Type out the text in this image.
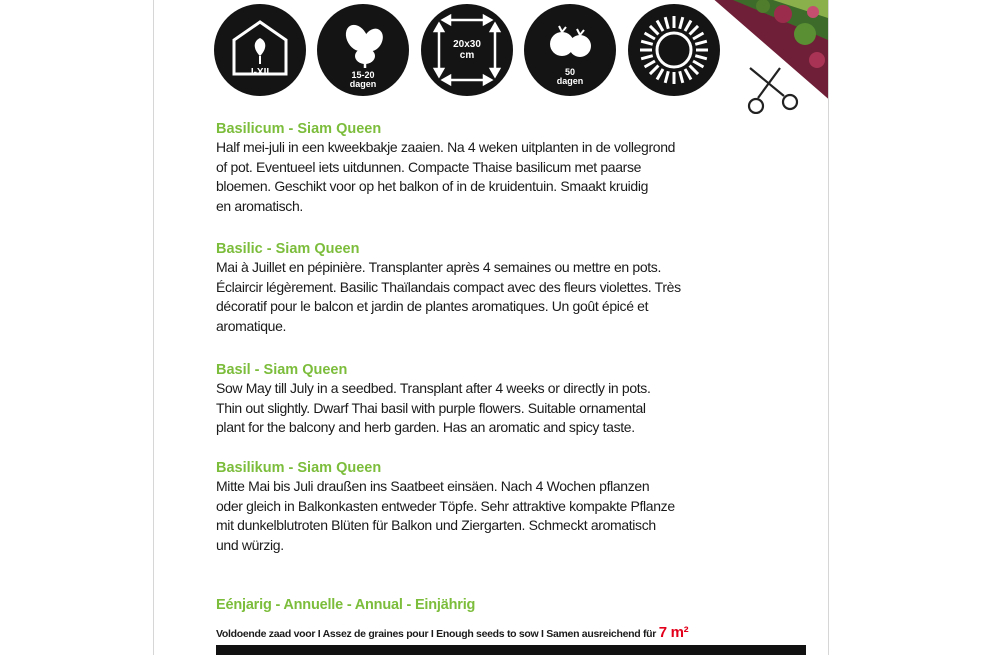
I-XII	15-20
dagen
20x30
cm
50
dagen
Basilicum - Siam Queen
Half mei-juli in een kweekbakje zaaien. Na 4 weken uitplanten in de vollegrond
of pot. Eventueel iets uitdunnen. Compacte Thaise basilicum met paarse
bloemen. Geschikt voor op het balkon of in de kruidentuin. Smaakt kruidig
en aromatisch.
Basilic - Siam Queen
Mai à Juillet en pépinière. Transplanter après 4 semaines ou mettre en pots.
Éclaircir légèrement. Basilic Thaïlandais compact avec des fleurs violettes. Très
décoratif pour le balcon et jardin de plantes aromatiques. Un goût épicé et
aromatique.
Basil - Siam Queen
Sow May till July in a seedbed. Transplant after 4 weeks or directly in pots.
Thin out slightly. Dwarf Thai basil with purple flowers. Suitable ornamental
plant for the balcony and herb garden. Has an aromatic and spicy taste.
Basilikum - Siam Queen
Mitte Mai bis Juli draußen ins Saatbeet einsäen. Nach 4 Wochen pflanzen
oder gleich in Balkonkasten entweder Töpfe. Sehr attraktive kompakte Pflanze
mit dunkelblutroten Blüten für Balkon und Ziergarten. Schmeckt aromatisch
und würzig.
Eénjarig - Annuelle - Annual - Einjährig
Voldoende zaad voor I Assez de graines pour I Enough seeds to sow I Samen ausreichend für 7 m²
